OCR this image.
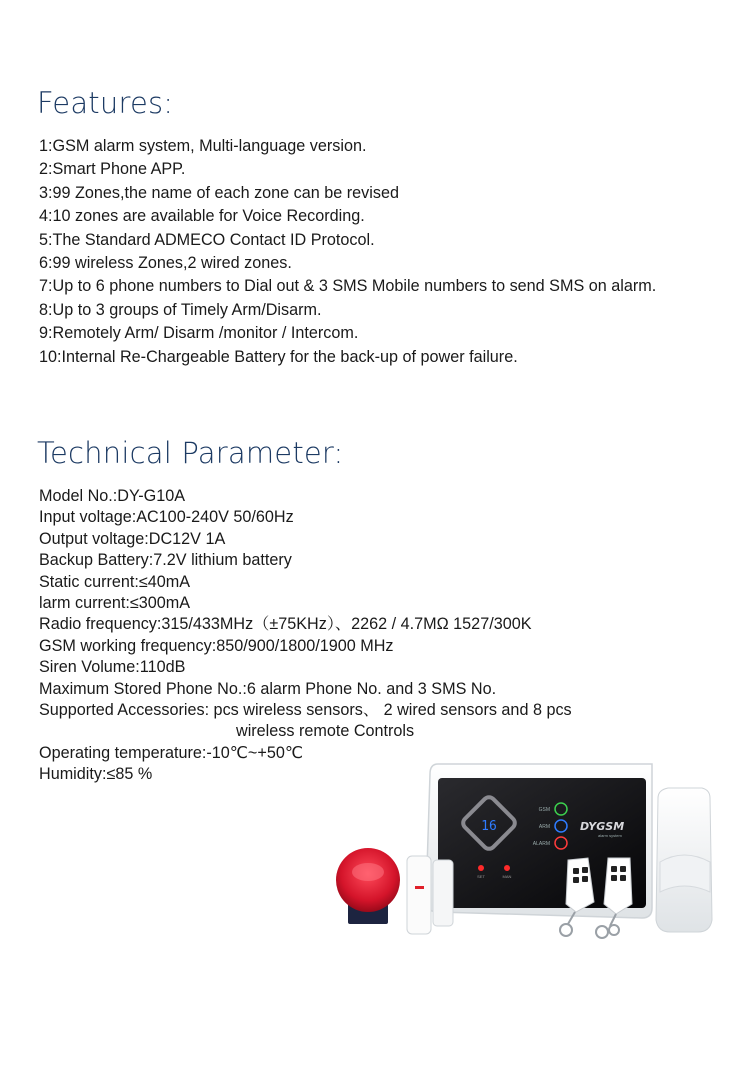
Features:
1:GSM alarm system, Multi-language version.
2:Smart Phone APP.
3:99 Zones,the name of each zone can be revised
4:10 zones are available for Voice Recording.
5:The Standard ADMECO Contact ID Protocol.
6:99 wireless Zones,2 wired zones.
7:Up to 6 phone numbers to Dial out & 3 SMS Mobile numbers to send SMS on alarm.
8:Up to 3 groups of Timely Arm/Disarm.
9:Remotely Arm/ Disarm /monitor / Intercom.
10:Internal Re-Chargeable Battery for the back-up of power failure.
Technical Parameter:
Model No.:DY-G10A
Input voltage:AC100-240V 50/60Hz
Output voltage:DC12V 1A
Backup Battery:7.2V lithium battery
Static current:≤40mA
larm current:≤300mA
Radio frequency:315/433MHz（±75KHz）、2262 / 4.7MΩ 1527/300K
GSM working frequency:850/900/1800/1900 MHz
Siren Volume:110dB
Maximum Stored Phone No.:6 alarm Phone No. and 3 SMS No.
Supported Accessories: pcs wireless sensors、 2 wired sensors and 8 pcs
wireless remote Controls
Operating temperature:-10℃~+50℃
Humidity:≤85 %
16
GSM
ARM
ALARM
DYGSM
alarm system
SET	MAN
